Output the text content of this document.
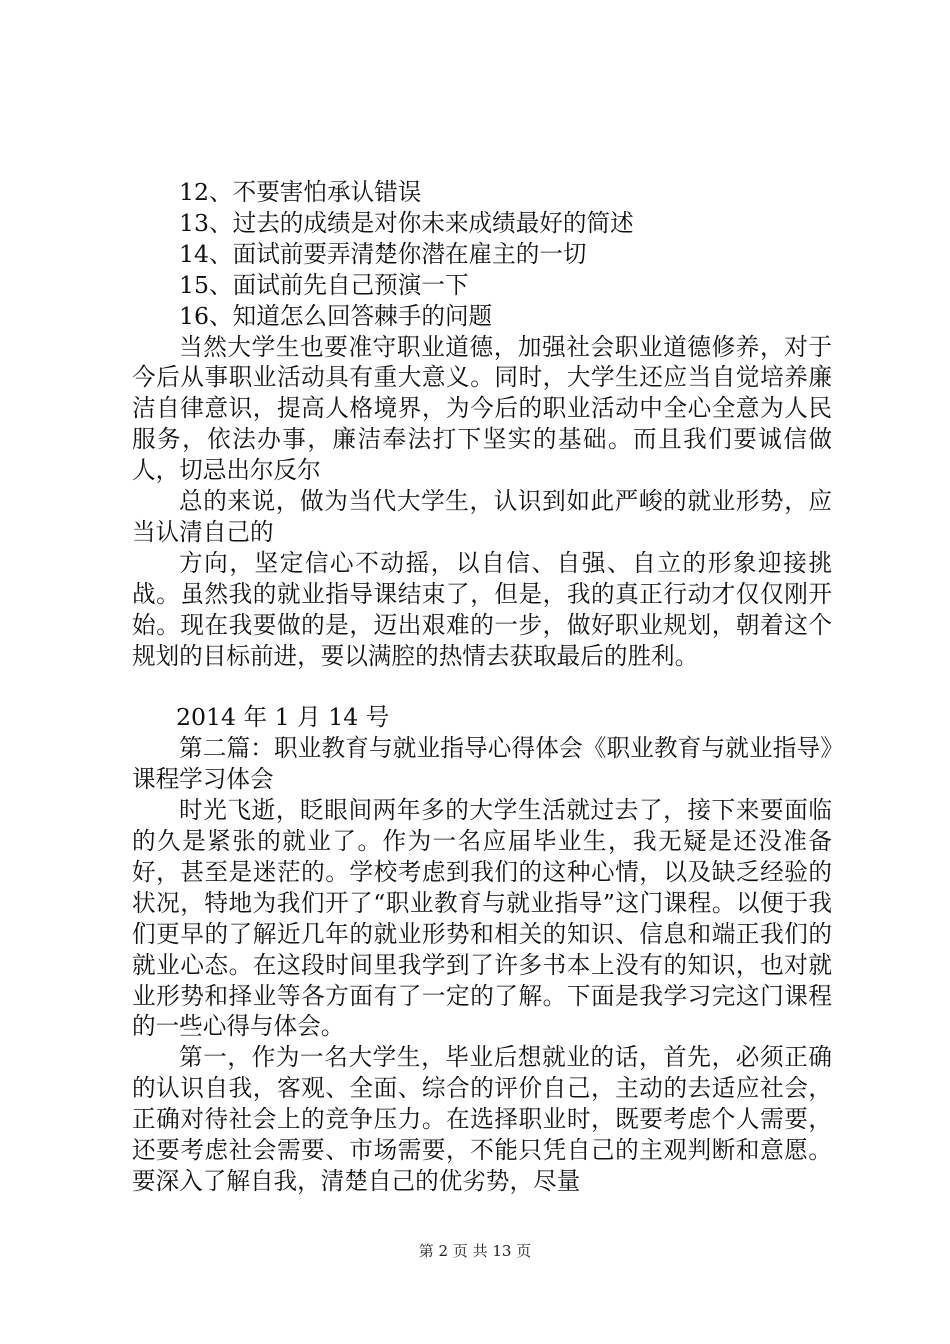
12、不要害怕承认错误

13、过去的成绩是对你未来成绩最好的简述

14、面试前要弄清楚你潜在雇主的一切

15、面试前先自己预演一下

16、知道怎么回答棘手的问题

当然大学生也要准守职业道德，加强社会职业道德修养，对于今后从事职业活动具有重大意义。同时，大学生还应当自觉培养廉洁自律意识，提高人格境界，为今后的职业活动中全心全意为人民服务，依法办事，廉洁奉法打下坚实的基础。而且我们要诚信做人，切忌出尔反尔

总的来说，做为当代大学生，认识到如此严峻的就业形势，应当认清自己的

方向，坚定信心不动摇，以自信、自强、自立的形象迎接挑战。虽然我的就业指导课结束了，但是，我的真正行动才仅仅刚开始。现在我要做的是，迈出艰难的一步，做好职业规划，朝着这个规划的目标前进，要以满腔的热情去获取最后的胜利。

2014 年 1 月 14 号

第二篇：职业教育与就业指导心得体会《职业教育与就业指导》课程学习体会

时光飞逝，眨眼间两年多的大学生活就过去了，接下来要面临的久是紧张的就业了。作为一名应届毕业生，我无疑是还没准备好，甚至是迷茫的。学校考虑到我们的这种心情，以及缺乏经验的状况，特地为我们开了“职业教育与就业指导”这门课程。以便于我们更早的了解近几年的就业形势和相关的知识、信息和端正我们的就业心态。在这段时间里我学到了许多书本上没有的知识，也对就业形势和择业等各方面有了一定的了解。下面是我学习完这门课程的一些心得与体会。

第一，作为一名大学生，毕业后想就业的话，首先，必须正确的认识自我，客观、全面、综合的评价自己，主动的去适应社会，正确对待社会上的竞争压力。在选择职业时，既要考虑个人需要，还要考虑社会需要、市场需要，不能只凭自己的主观判断和意愿。要深入了解自我，清楚自己的优劣势，尽量

第 2 页 共 13 页
